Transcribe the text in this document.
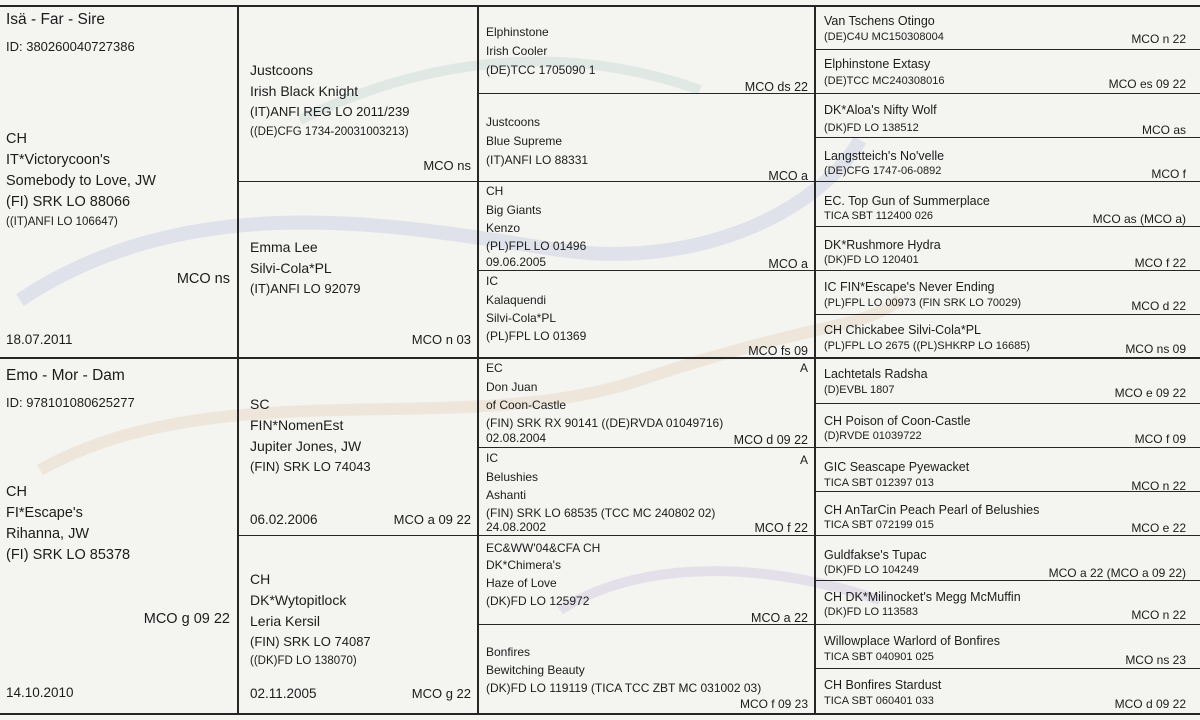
Isä - Far - Sire
ID: 380260040727386
CH
IT*Victorycoon's
Somebody to Love, JW
(FI) SRK LO 88066
((IT)ANFI LO 106647)
MCO ns
18.07.2011
Emo - Mor - Dam
ID: 978101080625277
CH
FI*Escape's
Rihanna, JW
(FI) SRK LO 85378
MCO g 09 22
14.10.2010
Justcoons
Irish Black Knight
(IT)ANFI REG LO 2011/239
((DE)CFG 1734-20031003213)
MCO ns
Emma Lee
Silvi-Cola*PL
(IT)ANFI LO 92079
MCO n 03
SC
FIN*NomenEst
Jupiter Jones, JW
(FIN) SRK LO 74043
06.02.2006	MCO a 09 22
CH
DK*Wytopitlock
Leria Kersil
(FIN) SRK LO 74087
((DK)FD LO 138070)
02.11.2005	MCO g 22
Elphinstone
Irish Cooler
(DE)TCC 1705090 1
MCO ds 22
Justcoons
Blue Supreme
(IT)ANFI LO 88331
MCO a
CH
Big Giants
Kenzo
(PL)FPL LO 01496
09.06.2005	MCO a
IC
Kalaquendi
Silvi-Cola*PL
(PL)FPL LO 01369
MCO fs 09
EC	A
Don Juan
of Coon-Castle
(FIN) SRK RX 90141 ((DE)RVDA 01049716)
02.08.2004	MCO d 09 22
IC	A
Belushies
Ashanti
(FIN) SRK LO 68535 (TCC MC 240802 02)
24.08.2002	MCO f 22
EC&WW'04&CFA CH
DK*Chimera's
Haze of Love
(DK)FD LO 125972
MCO a 22
Bonfires
Bewitching Beauty
(DK)FD LO 119119 (TICA TCC ZBT MC 031002 03)
MCO f 09 23
Van Tschens Otingo
(DE)C4U MC150308004	MCO n 22
Elphinstone Extasy
(DE)TCC MC240308016	MCO es 09 22
DK*Aloa's Nifty Wolf
(DK)FD LO 138512	MCO as
Langstteich's No'velle
(DE)CFG 1747-06-0892	MCO f
EC. Top Gun of Summerplace
TICA SBT 112400 026	MCO as (MCO a)
DK*Rushmore Hydra
(DK)FD LO 120401	MCO f 22
IC FIN*Escape's Never Ending
(PL)FPL LO 00973 (FIN SRK LO 70029)	MCO d 22
CH Chickabee Silvi-Cola*PL
(PL)FPL LO 2675 ((PL)SHKRP LO 16685)	MCO ns 09
Lachtetals Radsha
(D)EVBL 1807	MCO e 09 22
CH Poison of Coon-Castle
(D)RVDE 01039722	MCO f 09
GIC Seascape Pyewacket
TICA SBT 012397 013	MCO n 22
CH AnTarCin Peach Pearl of Belushies
TICA SBT 072199 015	MCO e 22
Guldfakse's Tupac
(DK)FD LO 104249	MCO a 22 (MCO a 09 22)
CH DK*Milinocket's Megg McMuffin
(DK)FD LO 113583	MCO n 22
Willowplace Warlord of Bonfires
TICA SBT 040901 025	MCO ns 23
CH Bonfires Stardust
TICA SBT 060401 033	MCO d 09 22
